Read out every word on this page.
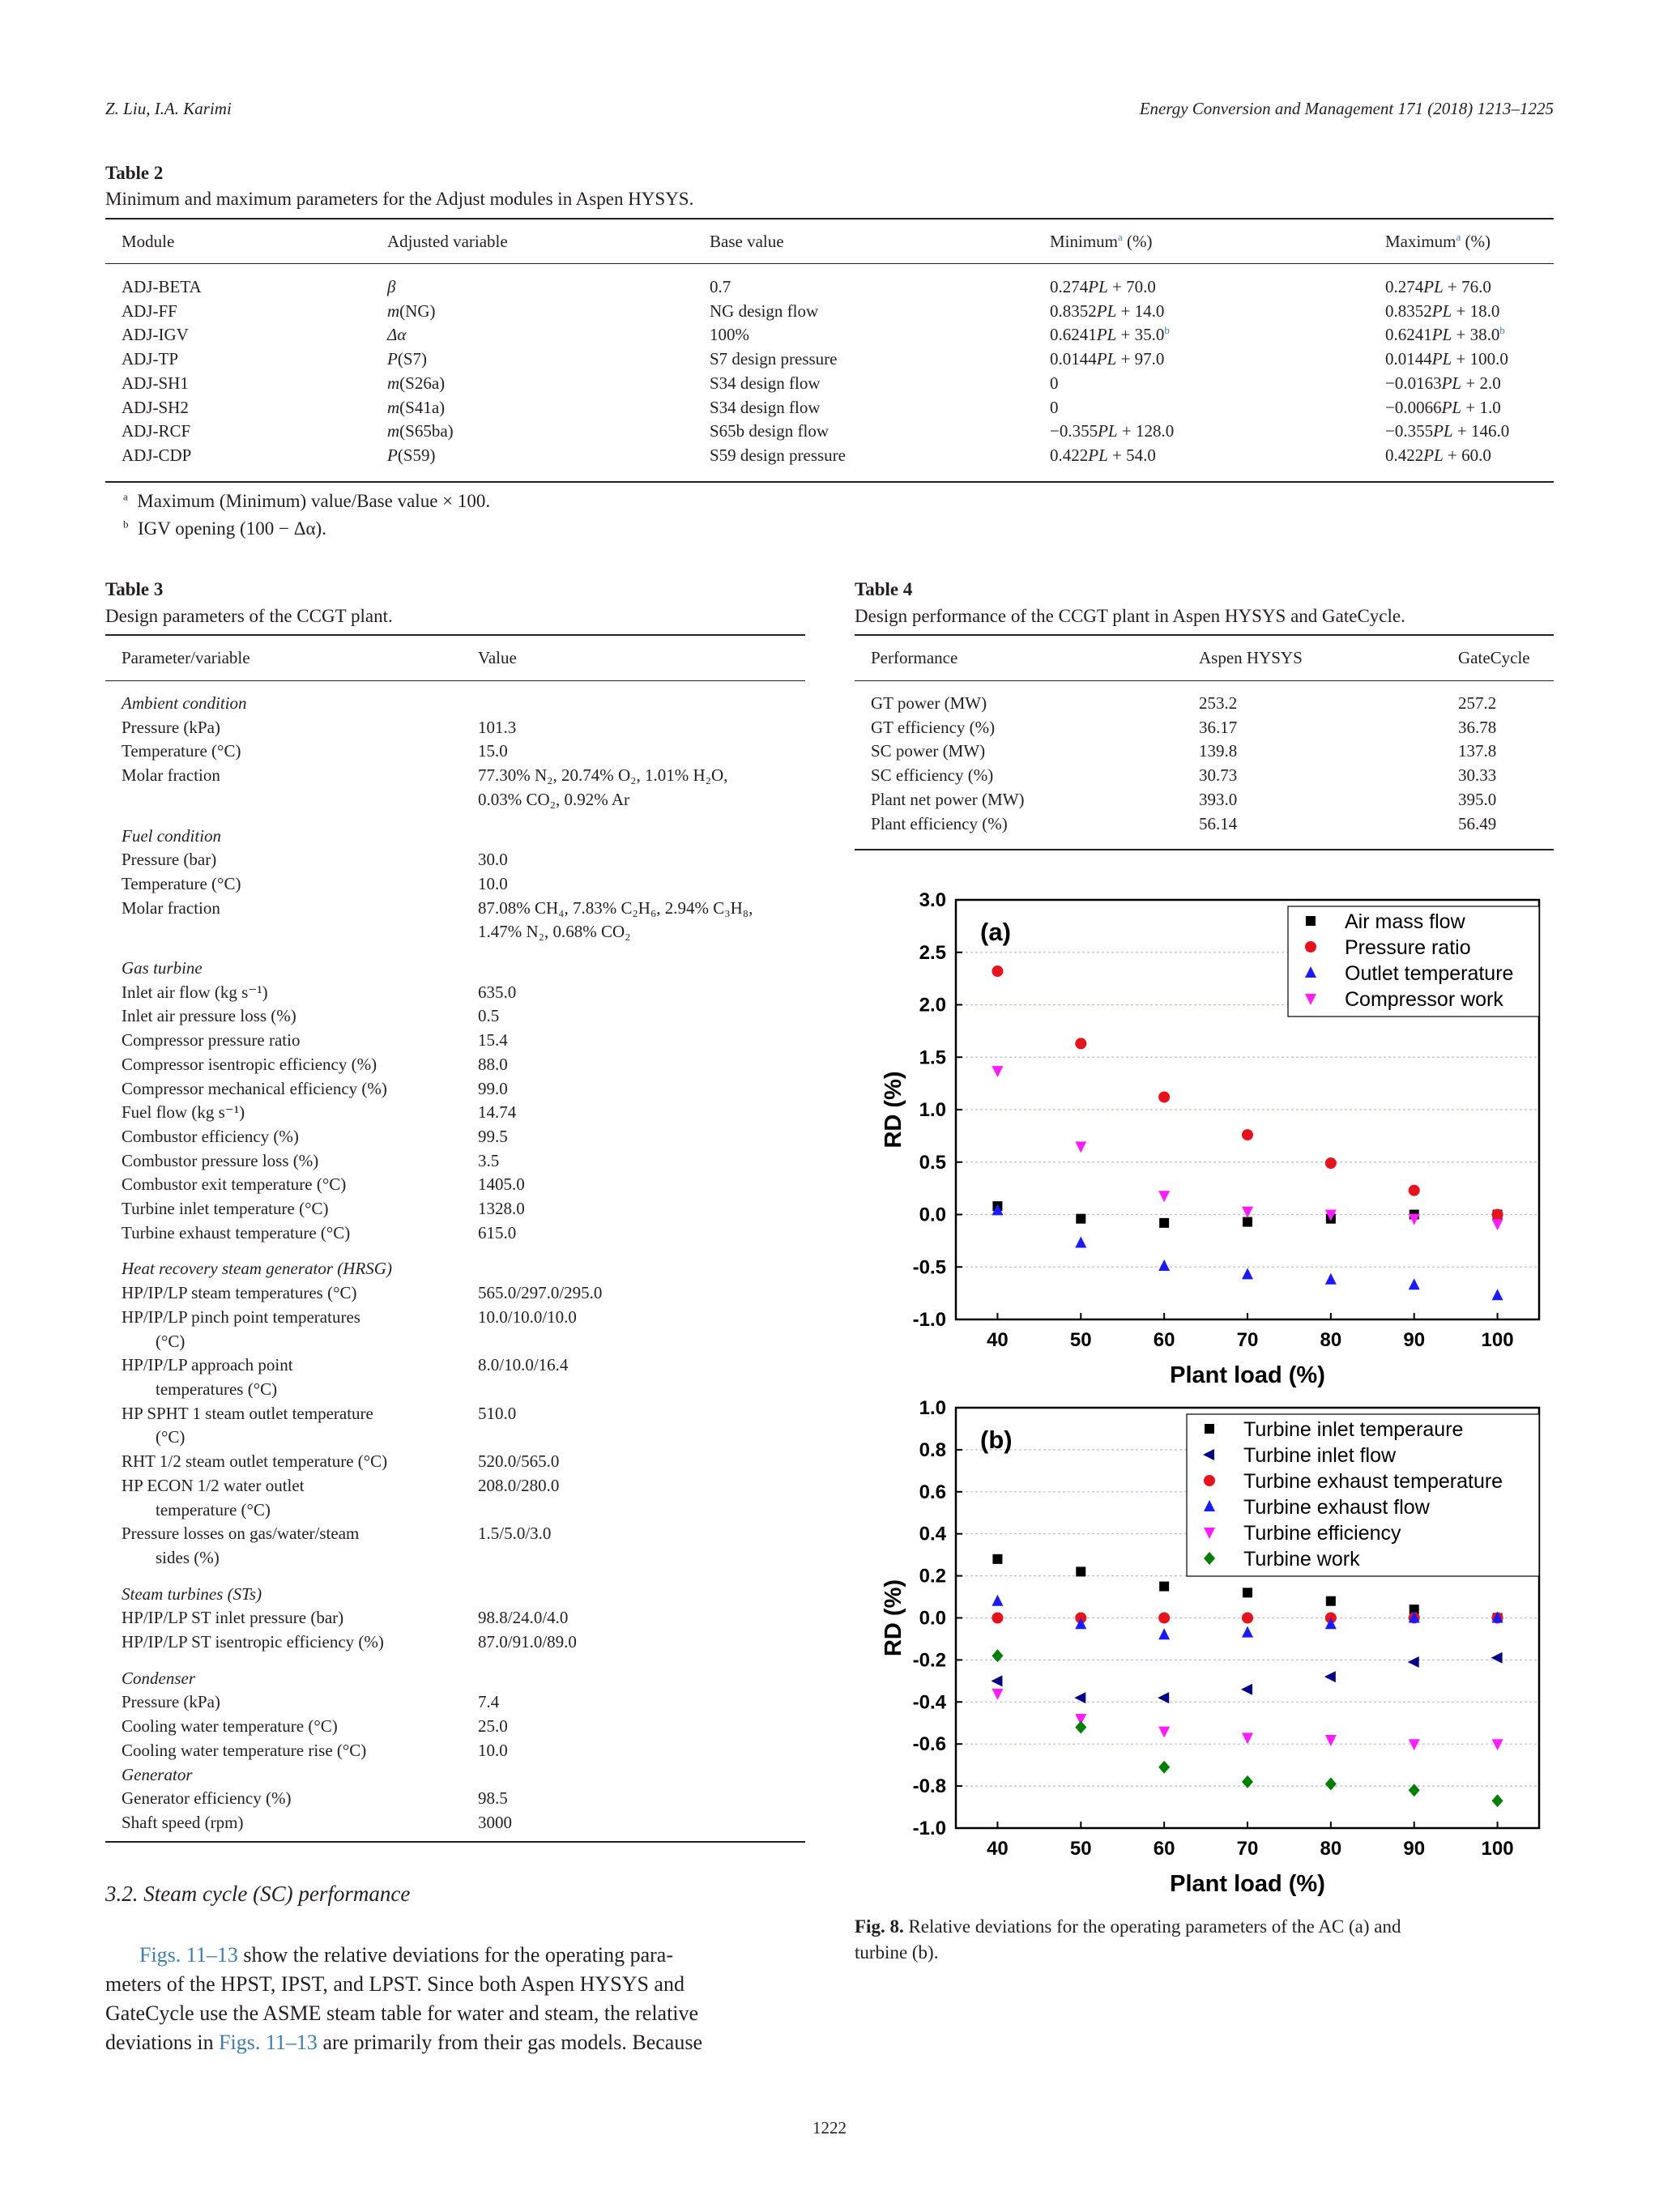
Z. Liu, I.A. Karimi	Energy Conversion and Management 171 (2018) 1213–1225
Table 2
Minimum and maximum parameters for the Adjust modules in Aspen HYSYS.
Module	Adjusted variable	Base value	Minimum$^a$ (%)	Maximum$^a$ (%)
ADJ-BETA	β	0.7	0.274PL + 70.0	0.274PL + 76.0
ADJ-FF	m(NG)	NG design flow	0.8352PL + 14.0	0.8352PL + 18.0
ADJ-IGV	Δα	100%	0.6241PL + 35.0$^b$	0.6241PL + 38.0$^b$
ADJ-TP	P(S7)	S7 design pressure	0.0144PL + 97.0	0.0144PL + 100.0
ADJ-SH1	m(S26a)	S34 design flow	0	−0.0163PL + 2.0
ADJ-SH2	m(S41a)	S34 design flow	0	−0.0066PL + 1.0
ADJ-RCF	m(S65ba)	S65b design flow	−0.355PL + 128.0	−0.355PL + 146.0
ADJ-CDP	P(S59)	S59 design pressure	0.422PL + 54.0	0.422PL + 60.0
$^a$ Maximum (Minimum) value/Base value × 100.
$^b$ IGV opening (100 − Δα).
Table 3
Design parameters of the CCGT plant.
Parameter/variable	Value
Ambient condition	
Pressure (kPa)	101.3
Temperature (°C)	15.0
Molar fraction	77.30% N₂, 20.74% O₂, 1.01% H₂O,
	0.03% CO₂, 0.92% Ar

Fuel condition	
Pressure (bar)	30.0
Temperature (°C)	10.0
Molar fraction	87.08% CH₄, 7.83% C₂H₆, 2.94% C₃H₈,
	1.47% N₂, 0.68% CO₂

Gas turbine	
Inlet air flow (kg s⁻¹)	635.0
Inlet air pressure loss (%)	0.5
Compressor pressure ratio	15.4
Compressor isentropic efficiency (%)	88.0
Compressor mechanical efficiency (%)	99.0
Fuel flow (kg s⁻¹)	14.74
Combustor efficiency (%)	99.5
Combustor pressure loss (%)	3.5
Combustor exit temperature (°C)	1405.0
Turbine inlet temperature (°C)	1328.0
Turbine exhaust temperature (°C)	615.0

Heat recovery steam generator (HRSG)	
HP/IP/LP steam temperatures (°C)	565.0/297.0/295.0
HP/IP/LP pinch point temperatures	10.0/10.0/10.0
(°C)	
HP/IP/LP approach point	8.0/10.0/16.4
temperatures (°C)	
HP SPHT 1 steam outlet temperature	510.0
(°C)	
RHT 1/2 steam outlet temperature (°C)	520.0/565.0
HP ECON 1/2 water outlet	208.0/280.0
temperature (°C)	
Pressure losses on gas/water/steam	1.5/5.0/3.0
sides (%)	

Steam turbines (STs)	
HP/IP/LP ST inlet pressure (bar)	98.8/24.0/4.0
HP/IP/LP ST isentropic efficiency (%)	87.0/91.0/89.0

Condenser	
Pressure (kPa)	7.4
Cooling water temperature (°C)	25.0
Cooling water temperature rise (°C)	10.0
Generator	
Generator efficiency (%)	98.5
Shaft speed (rpm)	3000
3.2. Steam cycle (SC) performance
Figs. 11–13 show the relative deviations for the operating para-
meters of the HPST, IPST, and LPST. Since both Aspen HYSYS and
GateCycle use the ASME steam table for water and steam, the relative
deviations in Figs. 11–13 are primarily from their gas models. Because
Table 4
Design performance of the CCGT plant in Aspen HYSYS and GateCycle.
Performance	Aspen HYSYS	GateCycle
GT power (MW)	253.2	257.2
GT efficiency (%)	36.17	36.78
SC power (MW)	139.8	137.8
SC efficiency (%)	30.73	30.33
Plant net power (MW)	393.0	395.0
Plant efficiency (%)	56.14	56.49
3.0
2.5
2.0
1.5
1.0
0.5
0.0
-0.5
-1.0
40	50	60	70	80	90	100
Plant load (%)
RD (%)
(a)	Air mass flow
Pressure ratio
Outlet temperature
Compressor work
1.0
0.8
0.6
0.4
0.2
0.0
-0.2
-0.4
-0.6
-0.8
-1.0
40	50	60	70	80	90	100
Plant load (%)
RD (%)
(b)	Turbine inlet temperaure
Turbine inlet flow
Turbine exhaust temperature
Turbine exhaust flow
Turbine efficiency
Turbine work
Fig. 8. Relative deviations for the operating parameters of the AC (a) and
turbine (b).
1222
